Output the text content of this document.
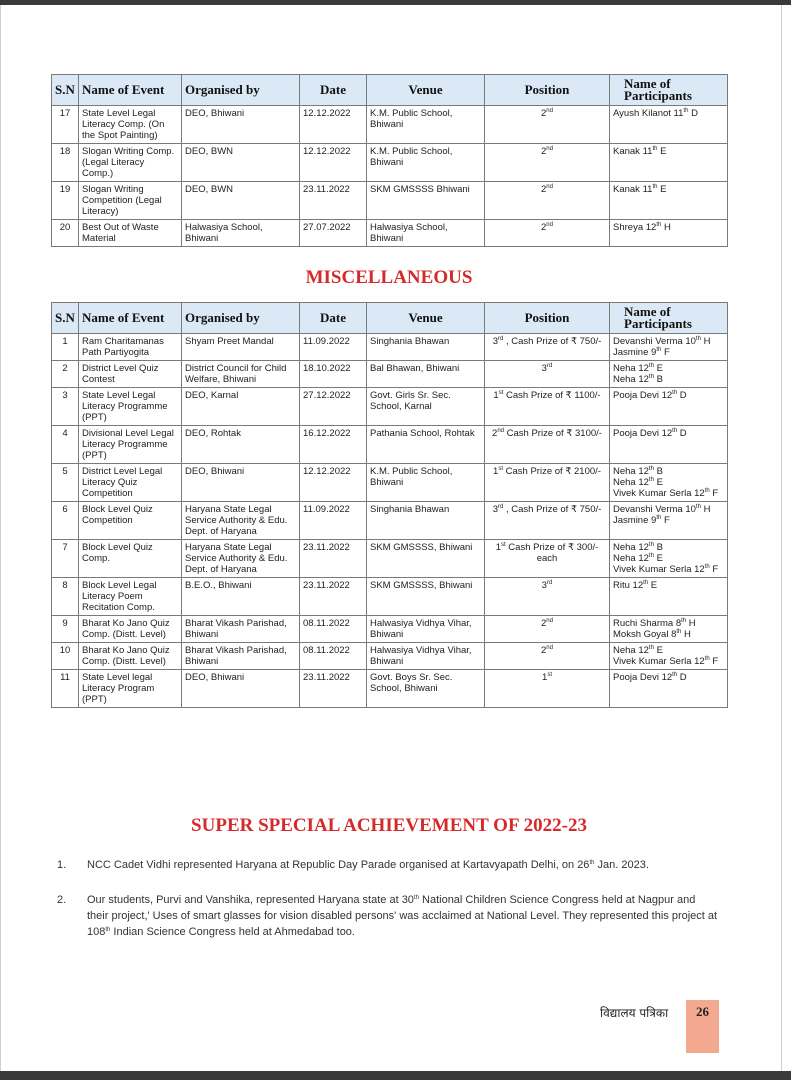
S.N	Name of Event	Organised by	Date	Venue	Position	Name of Participants
17	State Level Legal Literacy Comp. (On the Spot Painting)	DEO, Bhiwani	12.12.2022	K.M. Public School, Bhiwani	2nd	Ayush Kilanot 11th D
18	Slogan Writing Comp. (Legal Literacy Comp.)	DEO, BWN	12.12.2022	K.M. Public School, Bhiwani	2nd	Kanak 11th E
19	Slogan Writing Competition (Legal Literacy)	DEO, BWN	23.11.2022	SKM GMSSSS Bhiwani	2nd	Kanak 11th E
20	Best Out of Waste Material	Halwasiya School, Bhiwani	27.07.2022	Halwasiya School, Bhiwani	2nd	Shreya 12th H
MISCELLANEOUS
S.N	Name of Event	Organised by	Date	Venue	Position	Name of Participants
1	Ram Charitamanas Path Partiyogita	Shyam Preet Mandal	11.09.2022	Singhania Bhawan	3rd , Cash Prize of ₹ 750/-	Devanshi Verma 10th H
Jasmine 9th F
2	District Level Quiz Contest	District Council for Child Welfare, Bhiwani	18.10.2022	Bal Bhawan, Bhiwani	3rd	Neha 12th E
Neha 12th B
3	State Level Legal Literacy Programme (PPT)	DEO, Karnal	27.12.2022	Govt. Girls Sr. Sec. School, Karnal	1st Cash Prize of ₹ 1100/-	Pooja Devi 12th D
4	Divisional Level Legal Literacy Programme (PPT)	DEO, Rohtak	16.12.2022	Pathania School, Rohtak	2nd Cash Prize of ₹ 3100/-	Pooja Devi 12th D
5	District Level Legal Literacy Quiz Competition	DEO, Bhiwani	12.12.2022	K.M. Public School, Bhiwani	1st Cash Prize of ₹ 2100/-	Neha 12th B
Neha 12th E
Vivek Kumar Serla 12th F
6	Block Level Quiz Competition	Haryana State Legal Service Authority & Edu. Dept. of Haryana	11.09.2022	Singhania Bhawan	3rd , Cash Prize of ₹ 750/-	Devanshi Verma 10th H
Jasmine 9th F
7	Block Level Quiz Comp.	Haryana State Legal Service Authority & Edu. Dept. of Haryana	23.11.2022	SKM GMSSSS, Bhiwani	1st Cash Prize of ₹ 300/- each	Neha 12th B
Neha 12th E
Vivek Kumar Serla 12th F
8	Block Level Legal Literacy Poem Recitation Comp.	B.E.O., Bhiwani	23.11.2022	SKM GMSSSS, Bhiwani	3rd	Ritu 12th E
9	Bharat Ko Jano Quiz Comp. (Distt. Level)	Bharat Vikash Parishad, Bhiwani	08.11.2022	Halwasiya Vidhya Vihar, Bhiwani	2nd	Ruchi Sharma 8th H
Moksh Goyal 8th H
10	Bharat Ko Jano Quiz Comp. (Distt. Level)	Bharat Vikash Parishad, Bhiwani	08.11.2022	Halwasiya Vidhya Vihar, Bhiwani	2nd	Neha 12th E
Vivek Kumar Serla 12th F
11	State Level legal Literacy Program (PPT)	DEO, Bhiwani	23.11.2022	Govt. Boys Sr. Sec. School, Bhiwani	1st	Pooja Devi 12th D
SUPER SPECIAL ACHIEVEMENT OF 2022-23
1. NCC Cadet Vidhi represented Haryana at Republic Day Parade organised at Kartavyapath Delhi, on 26th Jan. 2023.
2. Our students, Purvi and Vanshika, represented Haryana state at 30th National Children Science Congress held at Nagpur and their project,' Uses of smart glasses for vision disabled persons' was acclaimed at National Level. They represented this project at 108th Indian Science Congress held at Ahmedabad too.
विद्यालय पत्रिका	26
